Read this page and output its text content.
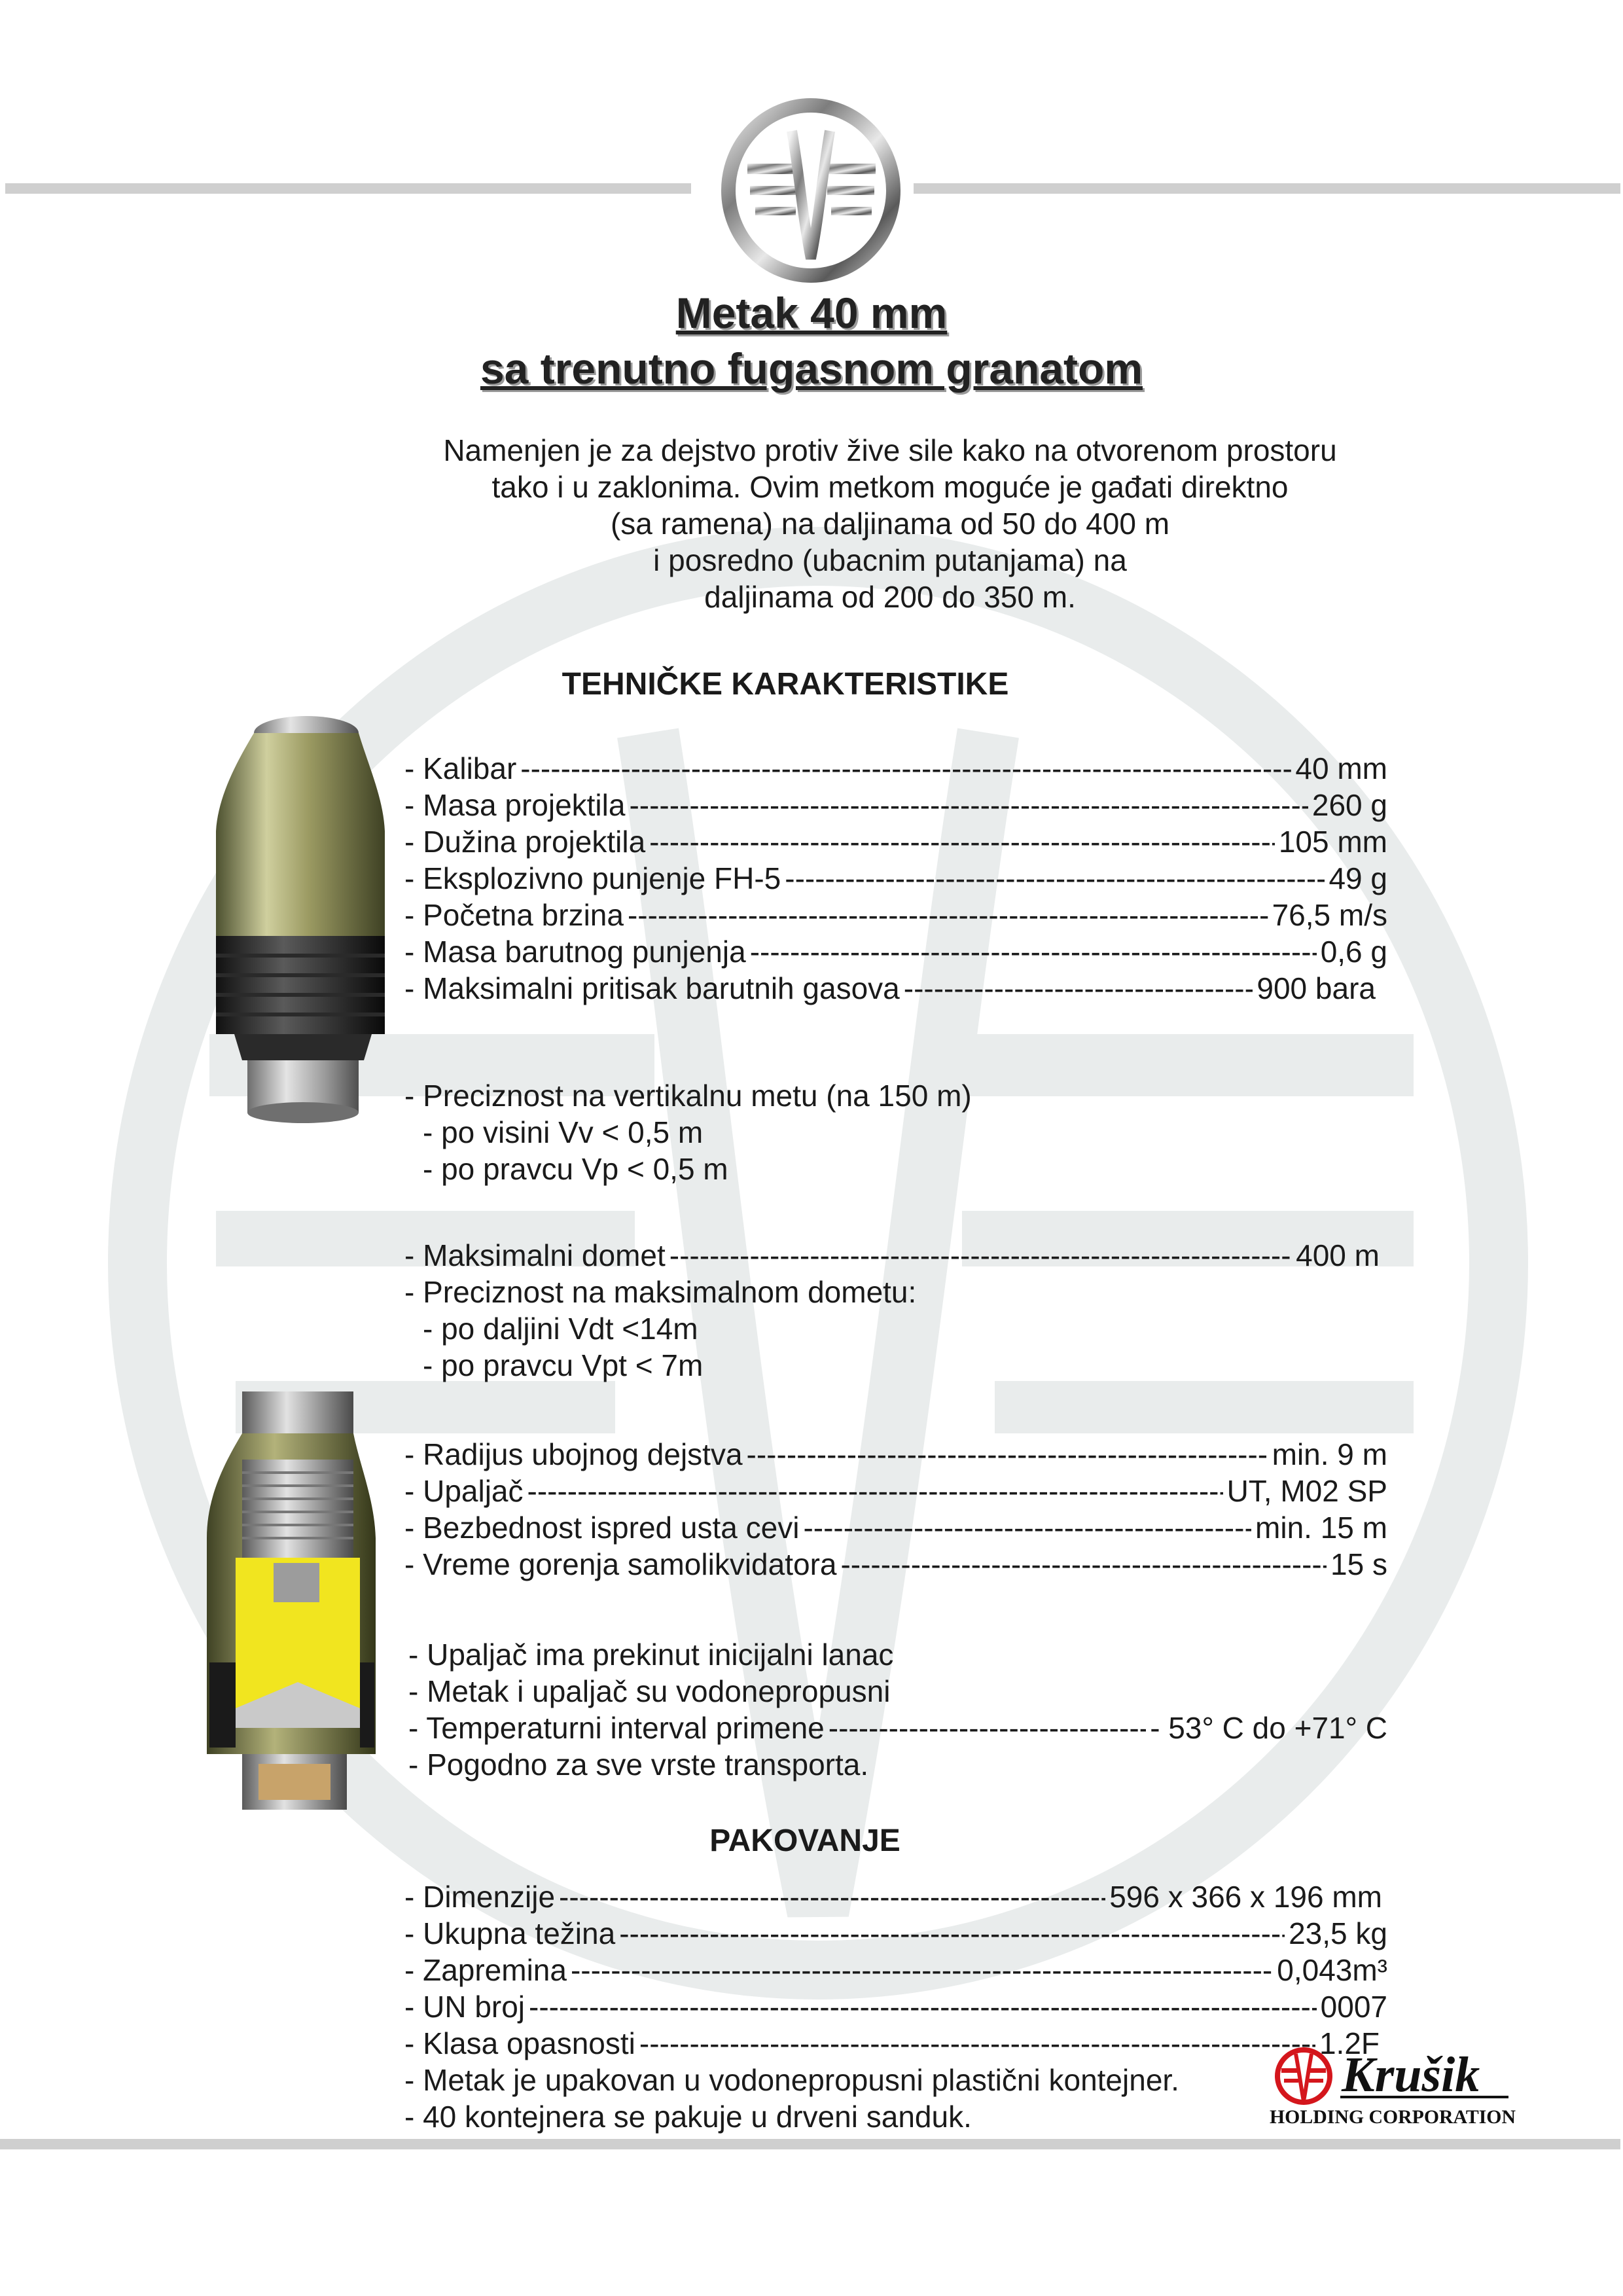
Metak 40 mm
sa trenutno fugasnom granatom

Namenjen je za dejstvo protiv žive sile kako na otvorenom prostoru
tako i u zaklonima. Ovim metkom moguće je gađati direktno
(sa ramena) na daljinama od 50 do 400 m
i posredno (ubacnim putanjama) na
daljinama od 200 do 350 m.

TEHNIČKE KARAKTERISTIKE
- Kalibar -----	40 mm
- Masa projektila -----	260 g
- Dužina projektila -----	105 mm
- Eksplozivno punjenje FH-5 -----	49 g
- Početna brzina -----	76,5 m/s
- Masa barutnog punjenja -----	0,6 g
- Maksimalni pritisak barutnih gasova -----	900 bara
- Preciznost na vertikalnu metu (na 150 m)
- po visini Vv < 0,5 m
- po pravcu Vp < 0,5 m
- Maksimalni domet -----	400 m
- Preciznost na maksimalnom dometu:
- po daljini Vdt <14m
- po pravcu Vpt < 7m
- Radijus ubojnog dejstva -----	min. 9 m
- Upaljač -----	UT, M02 SP
- Bezbednost ispred usta cevi -----	min. 15 m
- Vreme gorenja samolikvidatora -----	15 s
- Upaljač ima prekinut inicijalni lanac
- Metak i upaljač su vodonepropusni
- Temperaturni interval primene -----	- 53° C do +71° C
- Pogodno za sve vrste transporta.
PAKOVANJE
- Dimenzije -----	596 x 366 x 196 mm
- Ukupna težina -----	23,5 kg
- Zapremina -----	0,043m³
- UN broj -----	0007
- Klasa opasnosti -----	1.2F
- Metak je upakovan u vodonepropusni plastični kontejner.
- 40 kontejnera se pakuje u drveni sanduk.
Krušik
HOLDING CORPORATION
